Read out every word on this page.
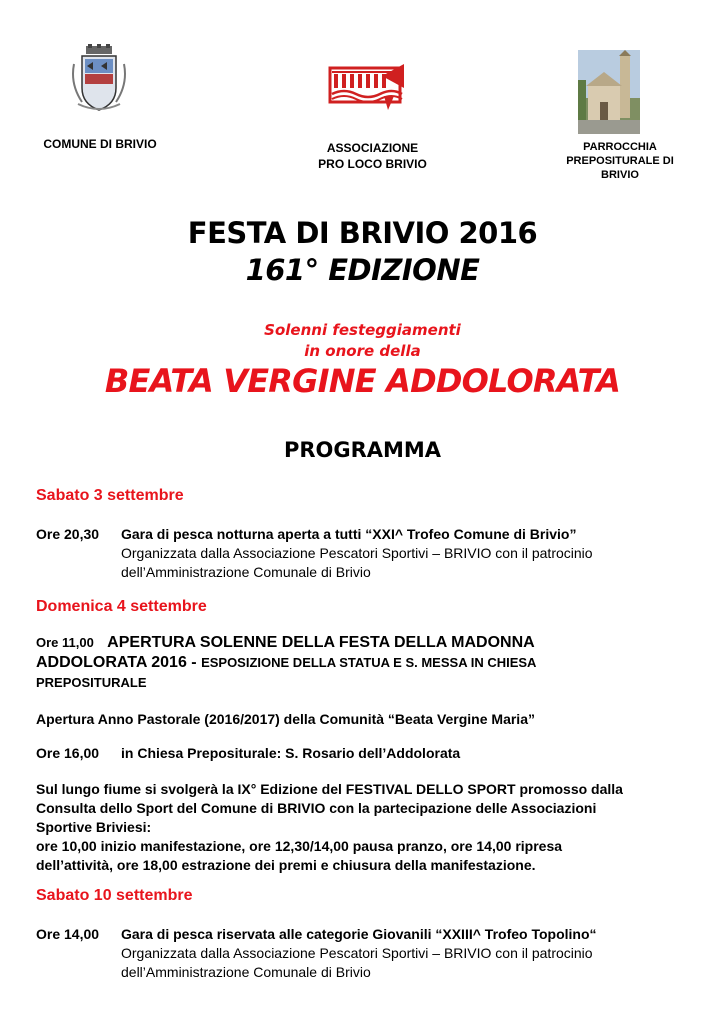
COMUNE DI BRIVIO	ASSOCIAZIONE
PRO LOCO BRIVIO
PARROCCHIA
PREPOSITURALE DI
BRIVIO
FESTA DI BRIVIO 2016
161° EDIZIONE
Solenni festeggiamenti
in onore della
BEATA VERGINE ADDOLORATA
PROGRAMMA
Sabato 3 settembre
Ore 20,30 Gara di pesca notturna aperta a tutti “XXI^ Trofeo Comune di Brivio”
Organizzata dalla Associazione Pescatori Sportivi – BRIVIO con il patrocinio
dell’Amministrazione Comunale di Brivio
Domenica 4 settembre
Ore 11,00 APERTURA SOLENNE DELLA FESTA DELLA MADONNA
ADDOLORATA 2016 - ESPOSIZIONE DELLA STATUA E S. MESSA IN CHIESA
PREPOSITURALE
Apertura Anno Pastorale (2016/2017) della Comunità “Beata Vergine Maria”
Ore 16,00 in Chiesa Prepositurale: S. Rosario dell’Addolorata
Sul lungo fiume si svolgerà la IX° Edizione del FESTIVAL DELLO SPORT promosso dalla
Consulta dello Sport del Comune di BRIVIO con la partecipazione delle Associazioni
Sportive Briviesi:
ore 10,00 inizio manifestazione, ore 12,30/14,00 pausa pranzo, ore 14,00 ripresa
dell’attività, ore 18,00 estrazione dei premi e chiusura della manifestazione.
Sabato 10 settembre
Ore 14,00 Gara di pesca riservata alle categorie Giovanili “XXIII^ Trofeo Topolino“
Organizzata dalla Associazione Pescatori Sportivi – BRIVIO con il patrocinio
dell’Amministrazione Comunale di Brivio
